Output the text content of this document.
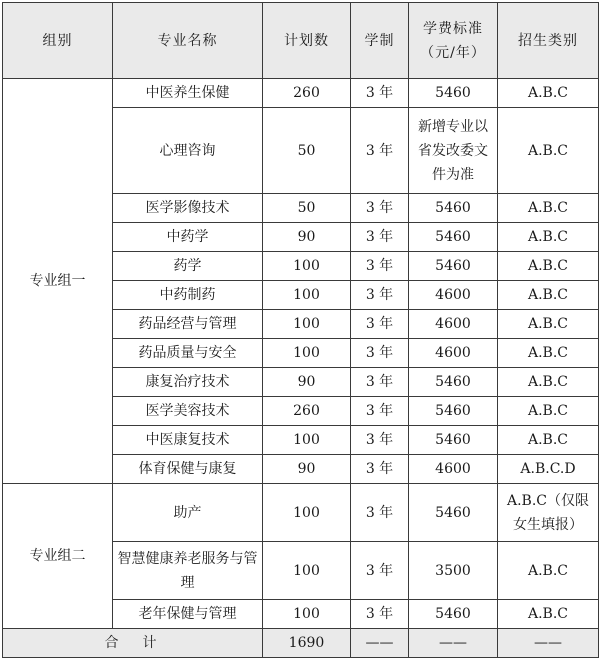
组别	专业名称	计划数	学制	学费标准（元/年）	招生类别
专业组一	中医养生保健	260	3 年	5460	A.B.C
	心理咨询	50	3 年	新增专业以省发改委文件为准	A.B.C
	医学影像技术	50	3 年	5460	A.B.C
	中药学	90	3 年	5460	A.B.C
	药学	100	3 年	5460	A.B.C
	中药制药	100	3 年	4600	A.B.C
	药品经营与管理	100	3 年	4600	A.B.C
	药品质量与安全	100	3 年	4600	A.B.C
	康复治疗技术	90	3 年	5460	A.B.C
	医学美容技术	260	3 年	5460	A.B.C
	中医康复技术	100	3 年	5460	A.B.C
	体育保健与康复	90	3 年	4600	A.B.C.D
专业组二	助产	100	3 年	5460	A.B.C（仅限女生填报）
	智慧健康养老服务与管理	100	3 年	3500	A.B.C
	老年保健与管理	100	3 年	5460	A.B.C
合计		1690	——	——	——
